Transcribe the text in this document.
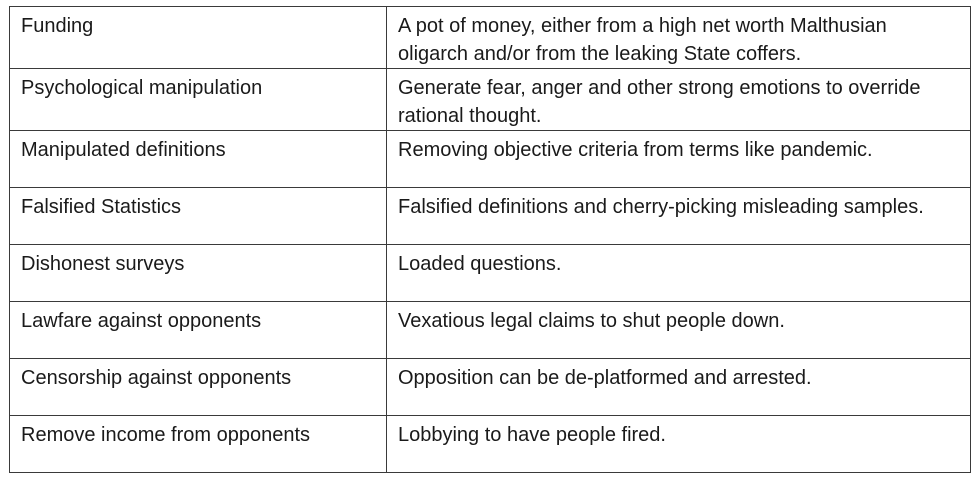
Funding	A pot of money, either from a high net worth Malthusian oligarch and/or from the leaking State coffers.
Psychological manipulation	Generate fear, anger and other strong emotions to override rational thought.
Manipulated definitions	Removing objective criteria from terms like pandemic.
Falsified Statistics	Falsified definitions and cherry-picking misleading samples.
Dishonest surveys	Loaded questions.
Lawfare against opponents	Vexatious legal claims to shut people down.
Censorship against opponents	Opposition can be de-platformed and arrested.
Remove income from opponents	Lobbying to have people fired.
